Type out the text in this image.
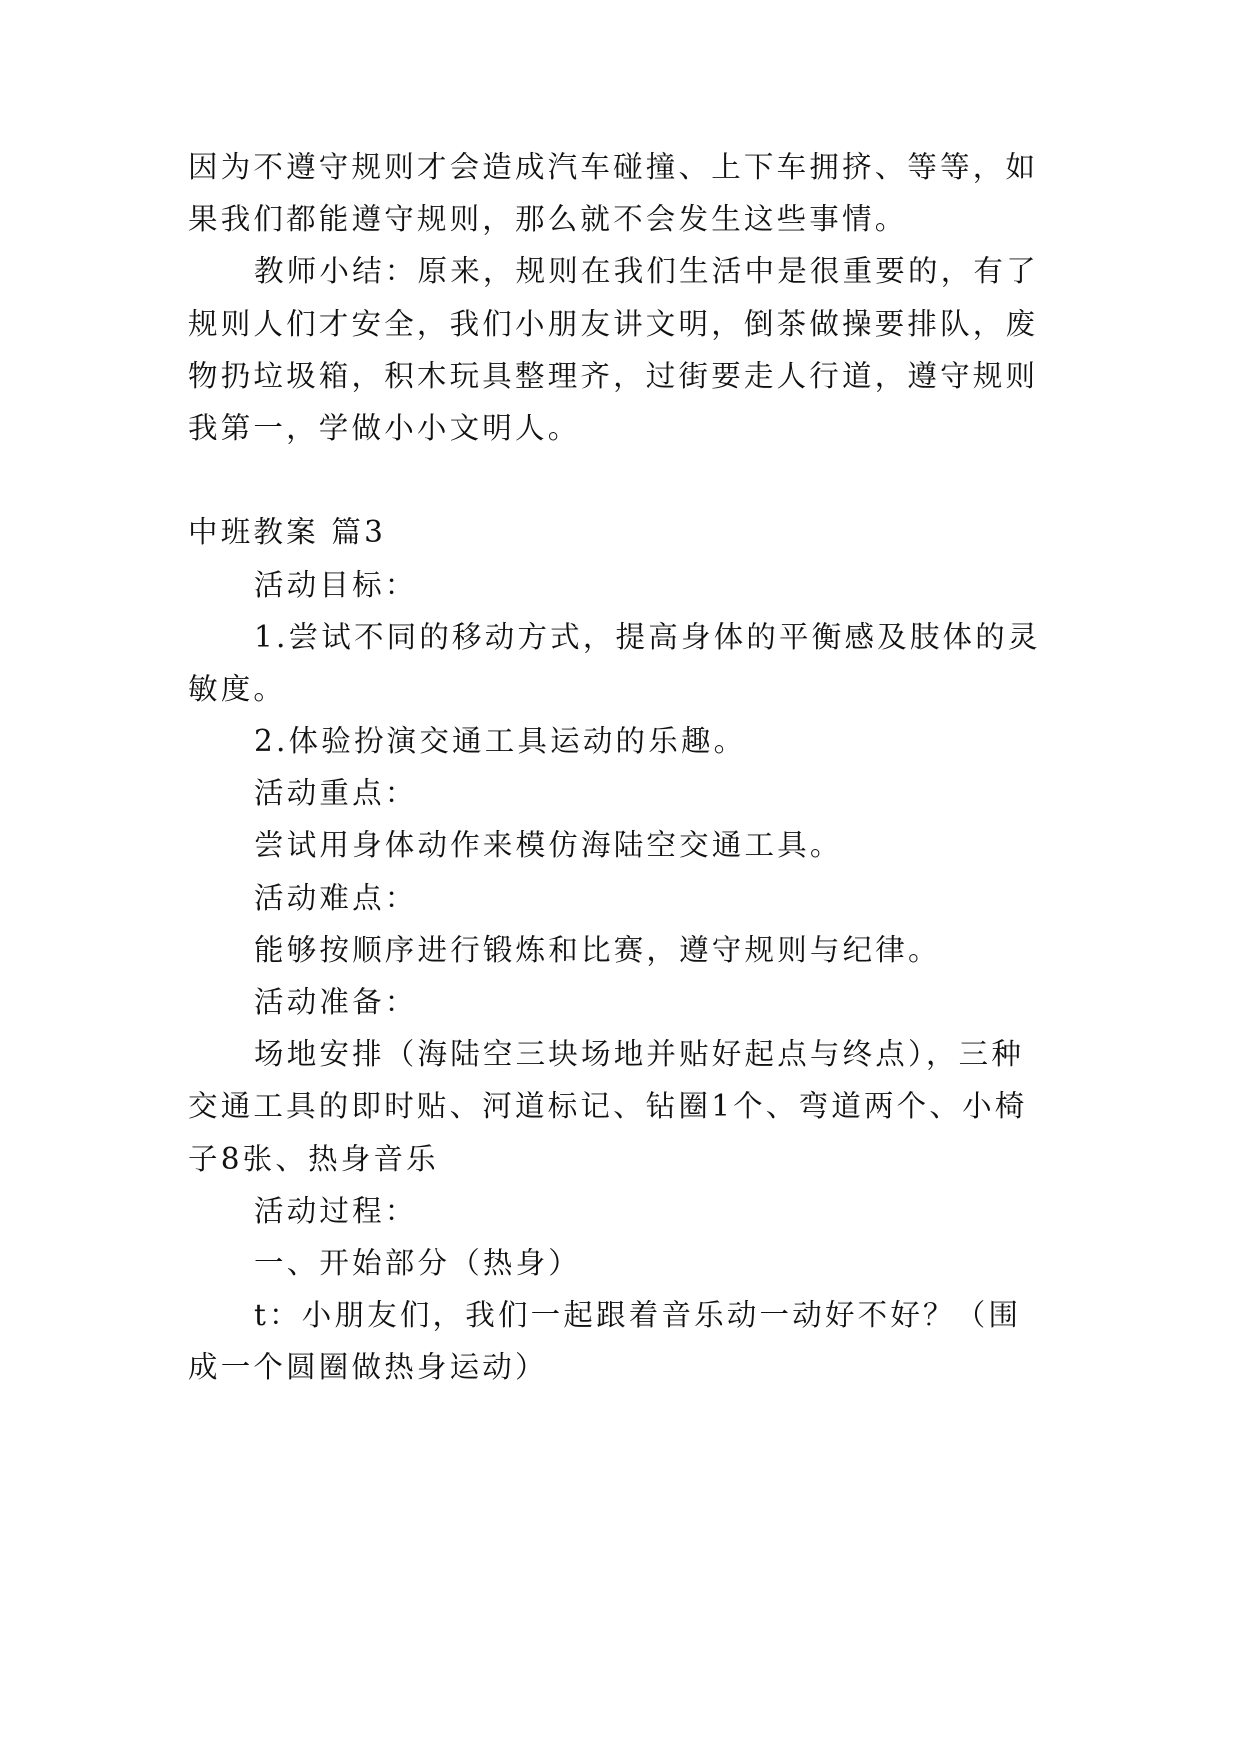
因为不遵守规则才会造成汽车碰撞、上下车拥挤、等等，如
果我们都能遵守规则，那么就不会发生这些事情。
教师小结：原来，规则在我们生活中是很重要的，有了
规则人们才安全，我们小朋友讲文明，倒茶做操要排队，废
物扔垃圾箱，积木玩具整理齐，过街要走人行道，遵守规则
我第一，学做小小文明人。
中班教案 篇3
活动目标：
1.尝试不同的移动方式，提高身体的平衡感及肢体的灵
敏度。
2.体验扮演交通工具运动的乐趣。
活动重点：
尝试用身体动作来模仿海陆空交通工具。
活动难点：
能够按顺序进行锻炼和比赛，遵守规则与纪律。
活动准备：
场地安排（海陆空三块场地并贴好起点与终点），三种
交通工具的即时贴、河道标记、钻圈1个、弯道两个、小椅
子8张、热身音乐
活动过程：
一、开始部分（热身）
t：小朋友们，我们一起跟着音乐动一动好不好？（围
成一个圆圈做热身运动）
